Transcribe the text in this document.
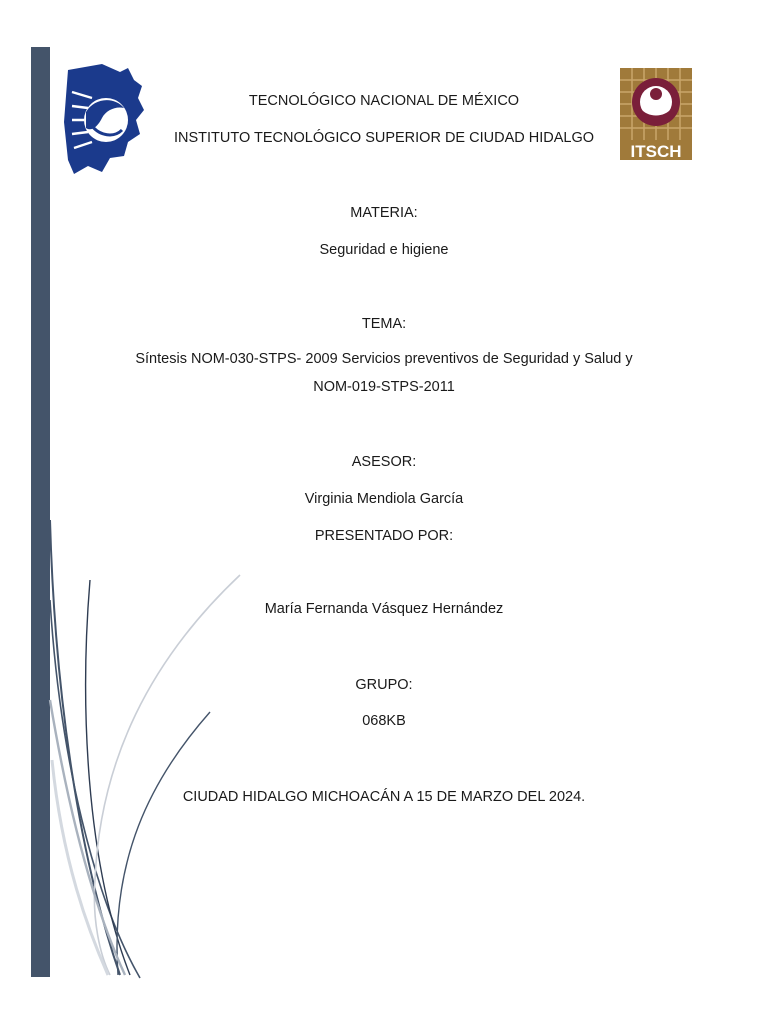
ITSCH
TECNOLÓGICO NACIONAL DE MÉXICO
INSTITUTO TECNOLÓGICO SUPERIOR DE CIUDAD HIDALGO
MATERIA:
Seguridad e higiene
TEMA:
Síntesis NOM-030-STPS- 2009 Servicios preventivos de Seguridad y Salud y
NOM-019-STPS-2011
ASESOR:
Virginia Mendiola García
PRESENTADO POR:
María Fernanda Vásquez Hernández
GRUPO:
068KB
CIUDAD HIDALGO MICHOACÁN A 15 DE MARZO DEL 2024.
